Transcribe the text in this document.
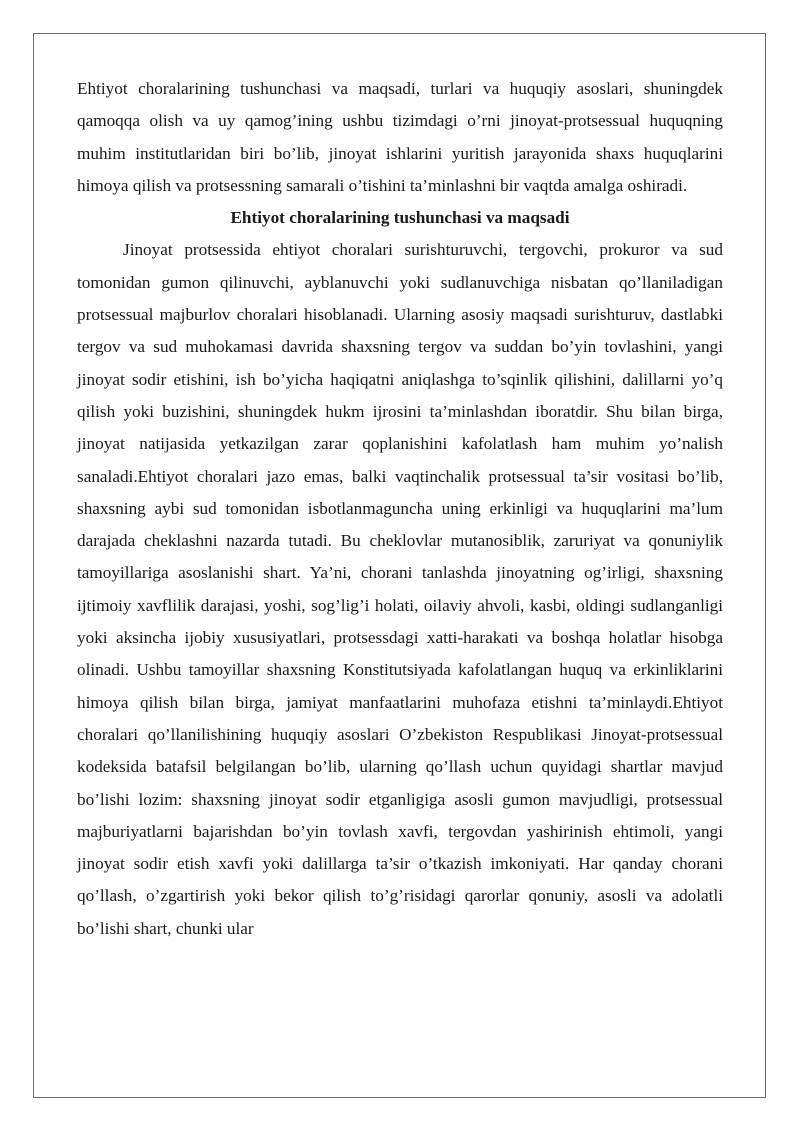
Ehtiyot choralarining tushunchasi va maqsadi, turlari va huquqiy asoslari, shuningdek qamoqqa olish va uy qamog’ining ushbu tizimdagi o’rni jinoyat-protsessual huquqning muhim institutlaridan biri bo’lib, jinoyat ishlarini yuritish jarayonida shaxs huquqlarini himoya qilish va protsessning samarali o’tishini ta’minlashni bir vaqtda amalga oshiradi.

Ehtiyot choralarining tushunchasi va maqsadi

Jinoyat protsessida ehtiyot choralari surishturuvchi, tergovchi, prokuror va sud tomonidan gumon qilinuvchi, ayblanuvchi yoki sudlanuvchiga nisbatan qo’llaniladigan protsessual majburlov choralari hisoblanadi. Ularning asosiy maqsadi surishturuv, dastlabki tergov va sud muhokamasi davrida shaxsning tergov va suddan bo’yin tovlashini, yangi jinoyat sodir etishini, ish bo’yicha haqiqatni aniqlashga to’sqinlik qilishini, dalillarni yo’q qilish yoki buzishini, shuningdek hukm ijrosini ta’minlashdan iboratdir. Shu bilan birga, jinoyat natijasida yetkazilgan zarar qoplanishini kafolatlash ham muhim yo’nalish sanaladi.Ehtiyot choralari jazo emas, balki vaqtinchalik protsessual ta’sir vositasi bo’lib, shaxsning aybi sud tomonidan isbotlanmaguncha uning erkinligi va huquqlarini ma’lum darajada cheklashni nazarda tutadi. Bu cheklovlar mutanosiblik, zaruriyat va qonuniylik tamoyillariga asoslanishi shart. Ya’ni, chorani tanlashda jinoyatning og’irligi, shaxsning ijtimoiy xavflilik darajasi, yoshi, sog’lig’i holati, oilaviy ahvoli, kasbi, oldingi sudlanganligi yoki aksincha ijobiy xususiyatlari, protsessdagi xatti-harakati va boshqa holatlar hisobga olinadi. Ushbu tamoyillar shaxsning Konstitutsiyada kafolatlangan huquq va erkinliklarini himoya qilish bilan birga, jamiyat manfaatlarini muhofaza etishni ta’minlaydi.Ehtiyot choralari qo’llanilishining huquqiy asoslari O’zbekiston Respublikasi Jinoyat-protsessual kodeksida batafsil belgilangan bo’lib, ularning qo’llash uchun quyidagi shartlar mavjud bo’lishi lozim: shaxsning jinoyat sodir etganligiga asosli gumon mavjudligi, protsessual majburiyatlarni bajarishdan bo’yin tovlash xavfi, tergovdan yashirinish ehtimoli, yangi jinoyat sodir etish xavfi yoki dalillarga ta’sir o’tkazish imkoniyati. Har qanday chorani qo’llash, o’zgartirish yoki bekor qilish to’g’risidagi qarorlar qonuniy, asosli va adolatli bo’lishi shart, chunki ular
